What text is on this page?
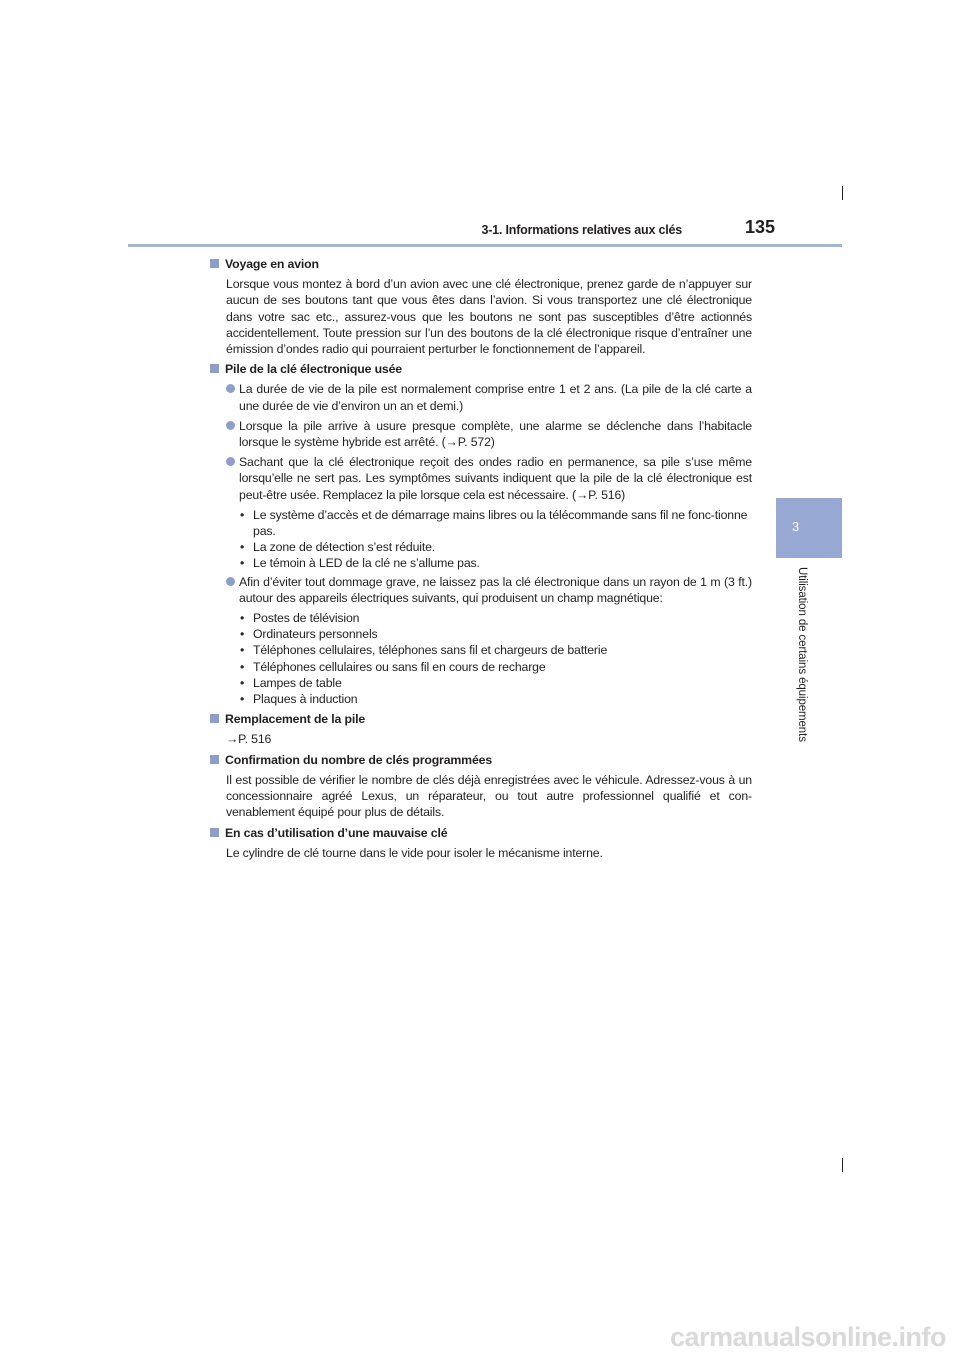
3-1. Informations relatives aux clés	135
3
Utilisation de certains équipements
Voyage en avion
Lorsque vous montez à bord d’un avion avec une clé électronique, prenez garde de n’appuyer sur aucun de ses boutons tant que vous êtes dans l’avion. Si vous transportez une clé électronique dans votre sac etc., assurez-vous que les boutons ne sont pas susceptibles d’être actionnés accidentellement. Toute pression sur l’un des boutons de la clé électronique risque d’entraîner une émission d’ondes radio qui pourraient perturber le fonctionnement de l’appareil.
Pile de la clé électronique usée
La durée de vie de la pile est normalement comprise entre 1 et 2 ans. (La pile de la clé carte a une durée de vie d’environ un an et demi.)
Lorsque la pile arrive à usure presque complète, une alarme se déclenche dans l’habitacle lorsque le système hybride est arrêté. (→P. 572)
Sachant que la clé électronique reçoit des ondes radio en permanence, sa pile s’use même lorsqu’elle ne sert pas. Les symptômes suivants indiquent que la pile de la clé électronique est peut-être usée. Remplacez la pile lorsque cela est nécessaire. (→P. 516)
• Le système d’accès et de démarrage mains libres ou la télécommande sans fil ne fonc-tionne pas.
• La zone de détection s’est réduite.
• Le témoin à LED de la clé ne s’allume pas.
Afin d’éviter tout dommage grave, ne laissez pas la clé électronique dans un rayon de 1 m (3 ft.) autour des appareils électriques suivants, qui produisent un champ magnétique:
• Postes de télévision
• Ordinateurs personnels
• Téléphones cellulaires, téléphones sans fil et chargeurs de batterie
• Téléphones cellulaires ou sans fil en cours de recharge
• Lampes de table
• Plaques à induction
Remplacement de la pile
→P. 516
Confirmation du nombre de clés programmées
Il est possible de vérifier le nombre de clés déjà enregistrées avec le véhicule. Adressez-vous à un concessionnaire agréé Lexus, un réparateur, ou tout autre professionnel qualifié et con-venablement équipé pour plus de détails.
En cas d’utilisation d’une mauvaise clé
Le cylindre de clé tourne dans le vide pour isoler le mécanisme interne.
carmanualsonline.info
